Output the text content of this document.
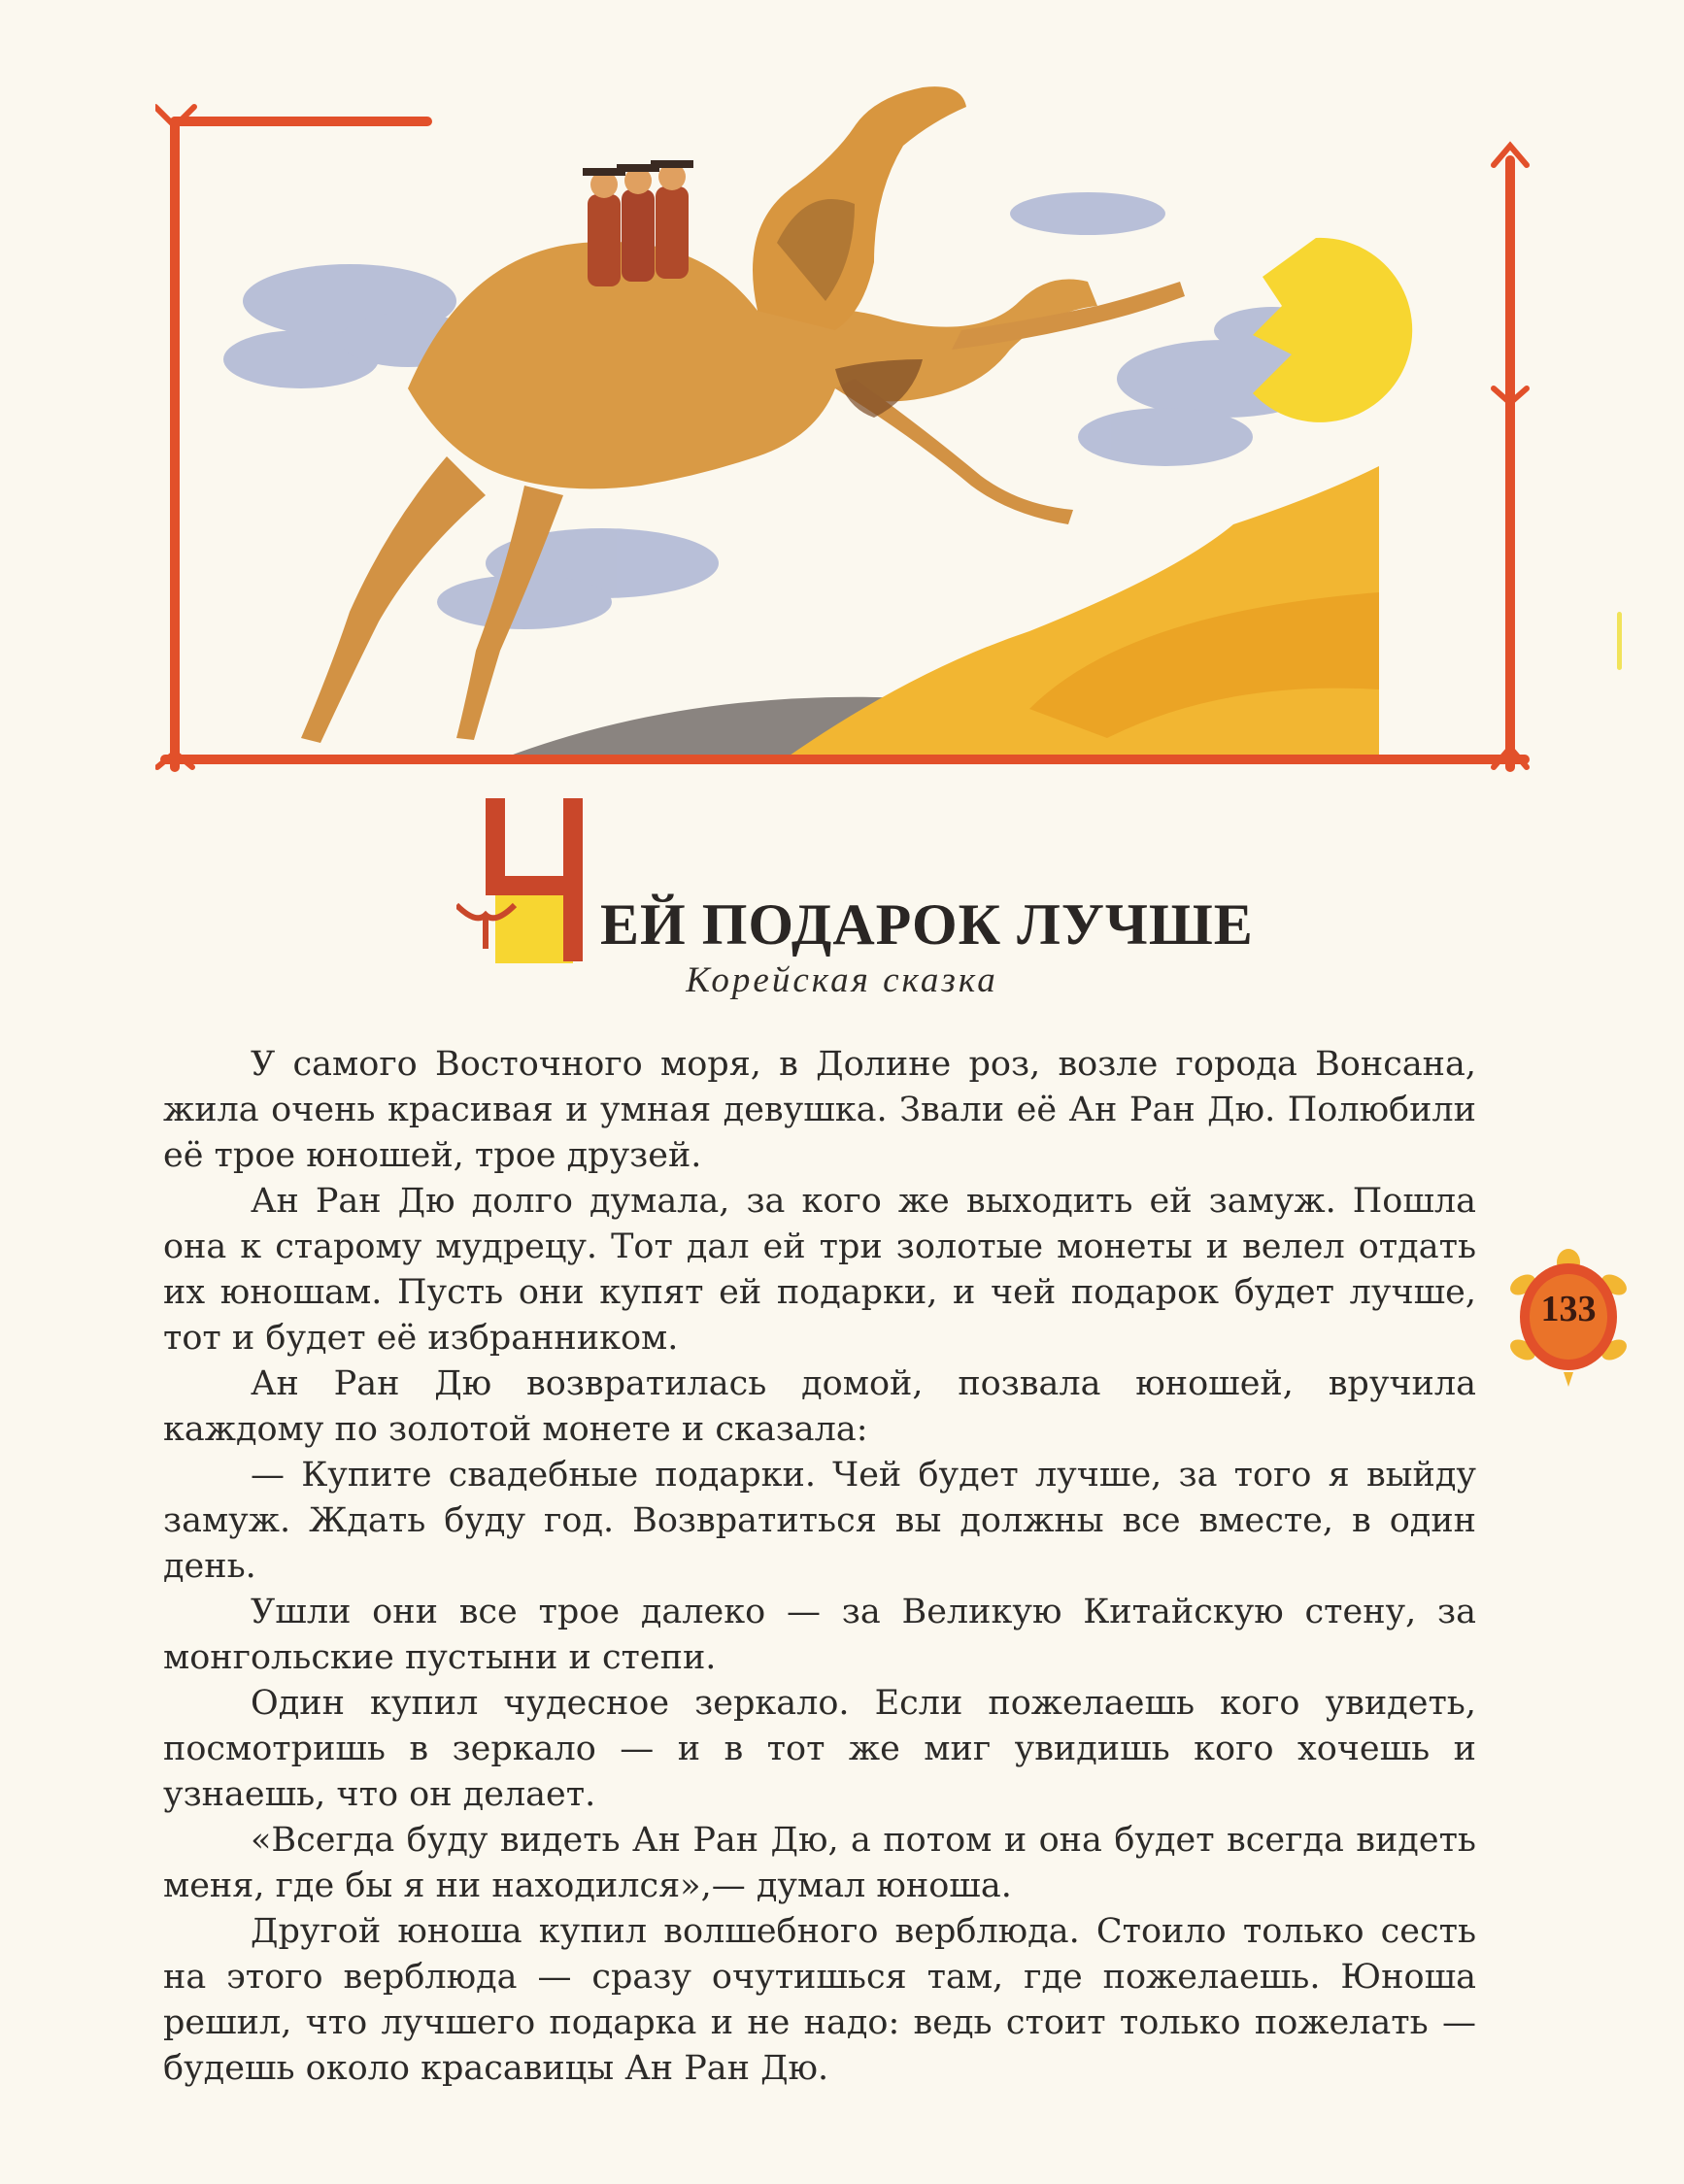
ЕЙ ПОДАРОК ЛУЧШЕ
Корейская сказка

У самого Восточного моря, в Долине роз, возле города Вонсана, жила очень красивая и умная девушка. Звали её Ан Ран Дю. Полюбили её трое юношей, трое друзей.

Ан Ран Дю долго думала, за кого же выходить ей замуж. Пошла она к старому мудрецу. Тот дал ей три золотые монеты и велел отдать их юношам. Пусть они купят ей подарки, и чей подарок будет лучше, тот и будет её избранником.

Ан Ран Дю возвратилась домой, позвала юношей, вручила каждому по золотой монете и сказала:

— Купите свадебные подарки. Чей будет лучше, за того я выйду замуж. Ждать буду год. Возвратиться вы должны все вместе, в один день.

Ушли они все трое далеко — за Великую Китайскую стену, за монгольские пустыни и степи.

Один купил чудесное зеркало. Если пожелаешь кого увидеть, посмотришь в зеркало — и в тот же миг увидишь кого хочешь и узнаешь, что он делает.

«Всегда буду видеть Ан Ран Дю, а потом и она будет всегда видеть меня, где бы я ни находился»,— думал юноша.

Другой юноша купил волшебного верблюда. Стоило только сесть на этого верблюда — сразу очутишься там, где пожелаешь. Юноша решил, что лучшего подарка и не надо: ведь стоит только пожелать — будешь около красавицы Ан Ран Дю.

133
